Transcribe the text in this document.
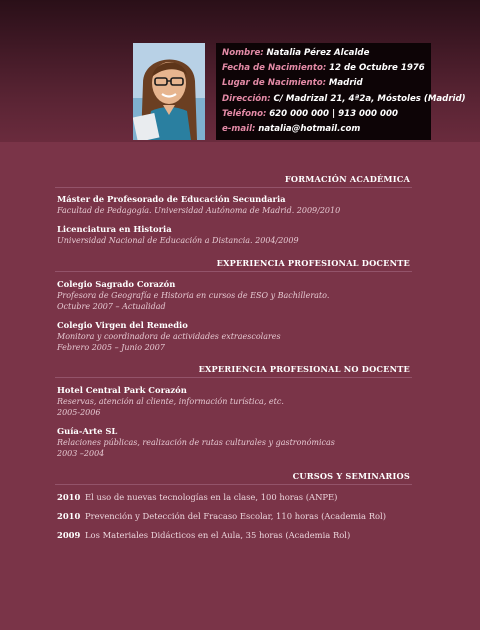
Nombre: Natalia Pérez Alcalde
Fecha de Nacimiento: 12 de Octubre 1976
Lugar de Nacimiento: Madrid
Dirección: C/ Madrizal 21, 4ª2a, Móstoles (Madrid)
Teléfono: 620 000 000 | 913 000 000
e-mail: natalia@hotmail.com
FORMACIÓN ACADÉMICA
Máster de Profesorado de Educación Secundaria
Facultad de Pedagogía. Universidad Autónoma de Madrid. 2009/2010
Licenciatura en Historia
Universidad Nacional de Educación a Distancia. 2004/2009
EXPERIENCIA PROFESIONAL DOCENTE
Colegio Sagrado Corazón
Profesora de Geografía e Historia en cursos de ESO y Bachillerato.
Octubre 2007 – Actualidad
Colegio Virgen del Remedio
Monitora y coordinadora de actividades extraescolares
Febrero 2005 – Junio 2007
EXPERIENCIA PROFESIONAL NO DOCENTE
Hotel Central Park Corazón
Reservas, atención al cliente, información turística, etc.
2005-2006
Guía-Arte SL
Relaciones públicas, realización de rutas culturales y gastronómicas
2003 –2004
CURSOS Y SEMINARIOS
2010 El uso de nuevas tecnologías en la clase, 100 horas (ANPE)
2010 Prevención y Detección del Fracaso Escolar, 110 horas (Academia Rol)
2009 Los Materiales Didácticos en el Aula, 35 horas (Academia Rol)
